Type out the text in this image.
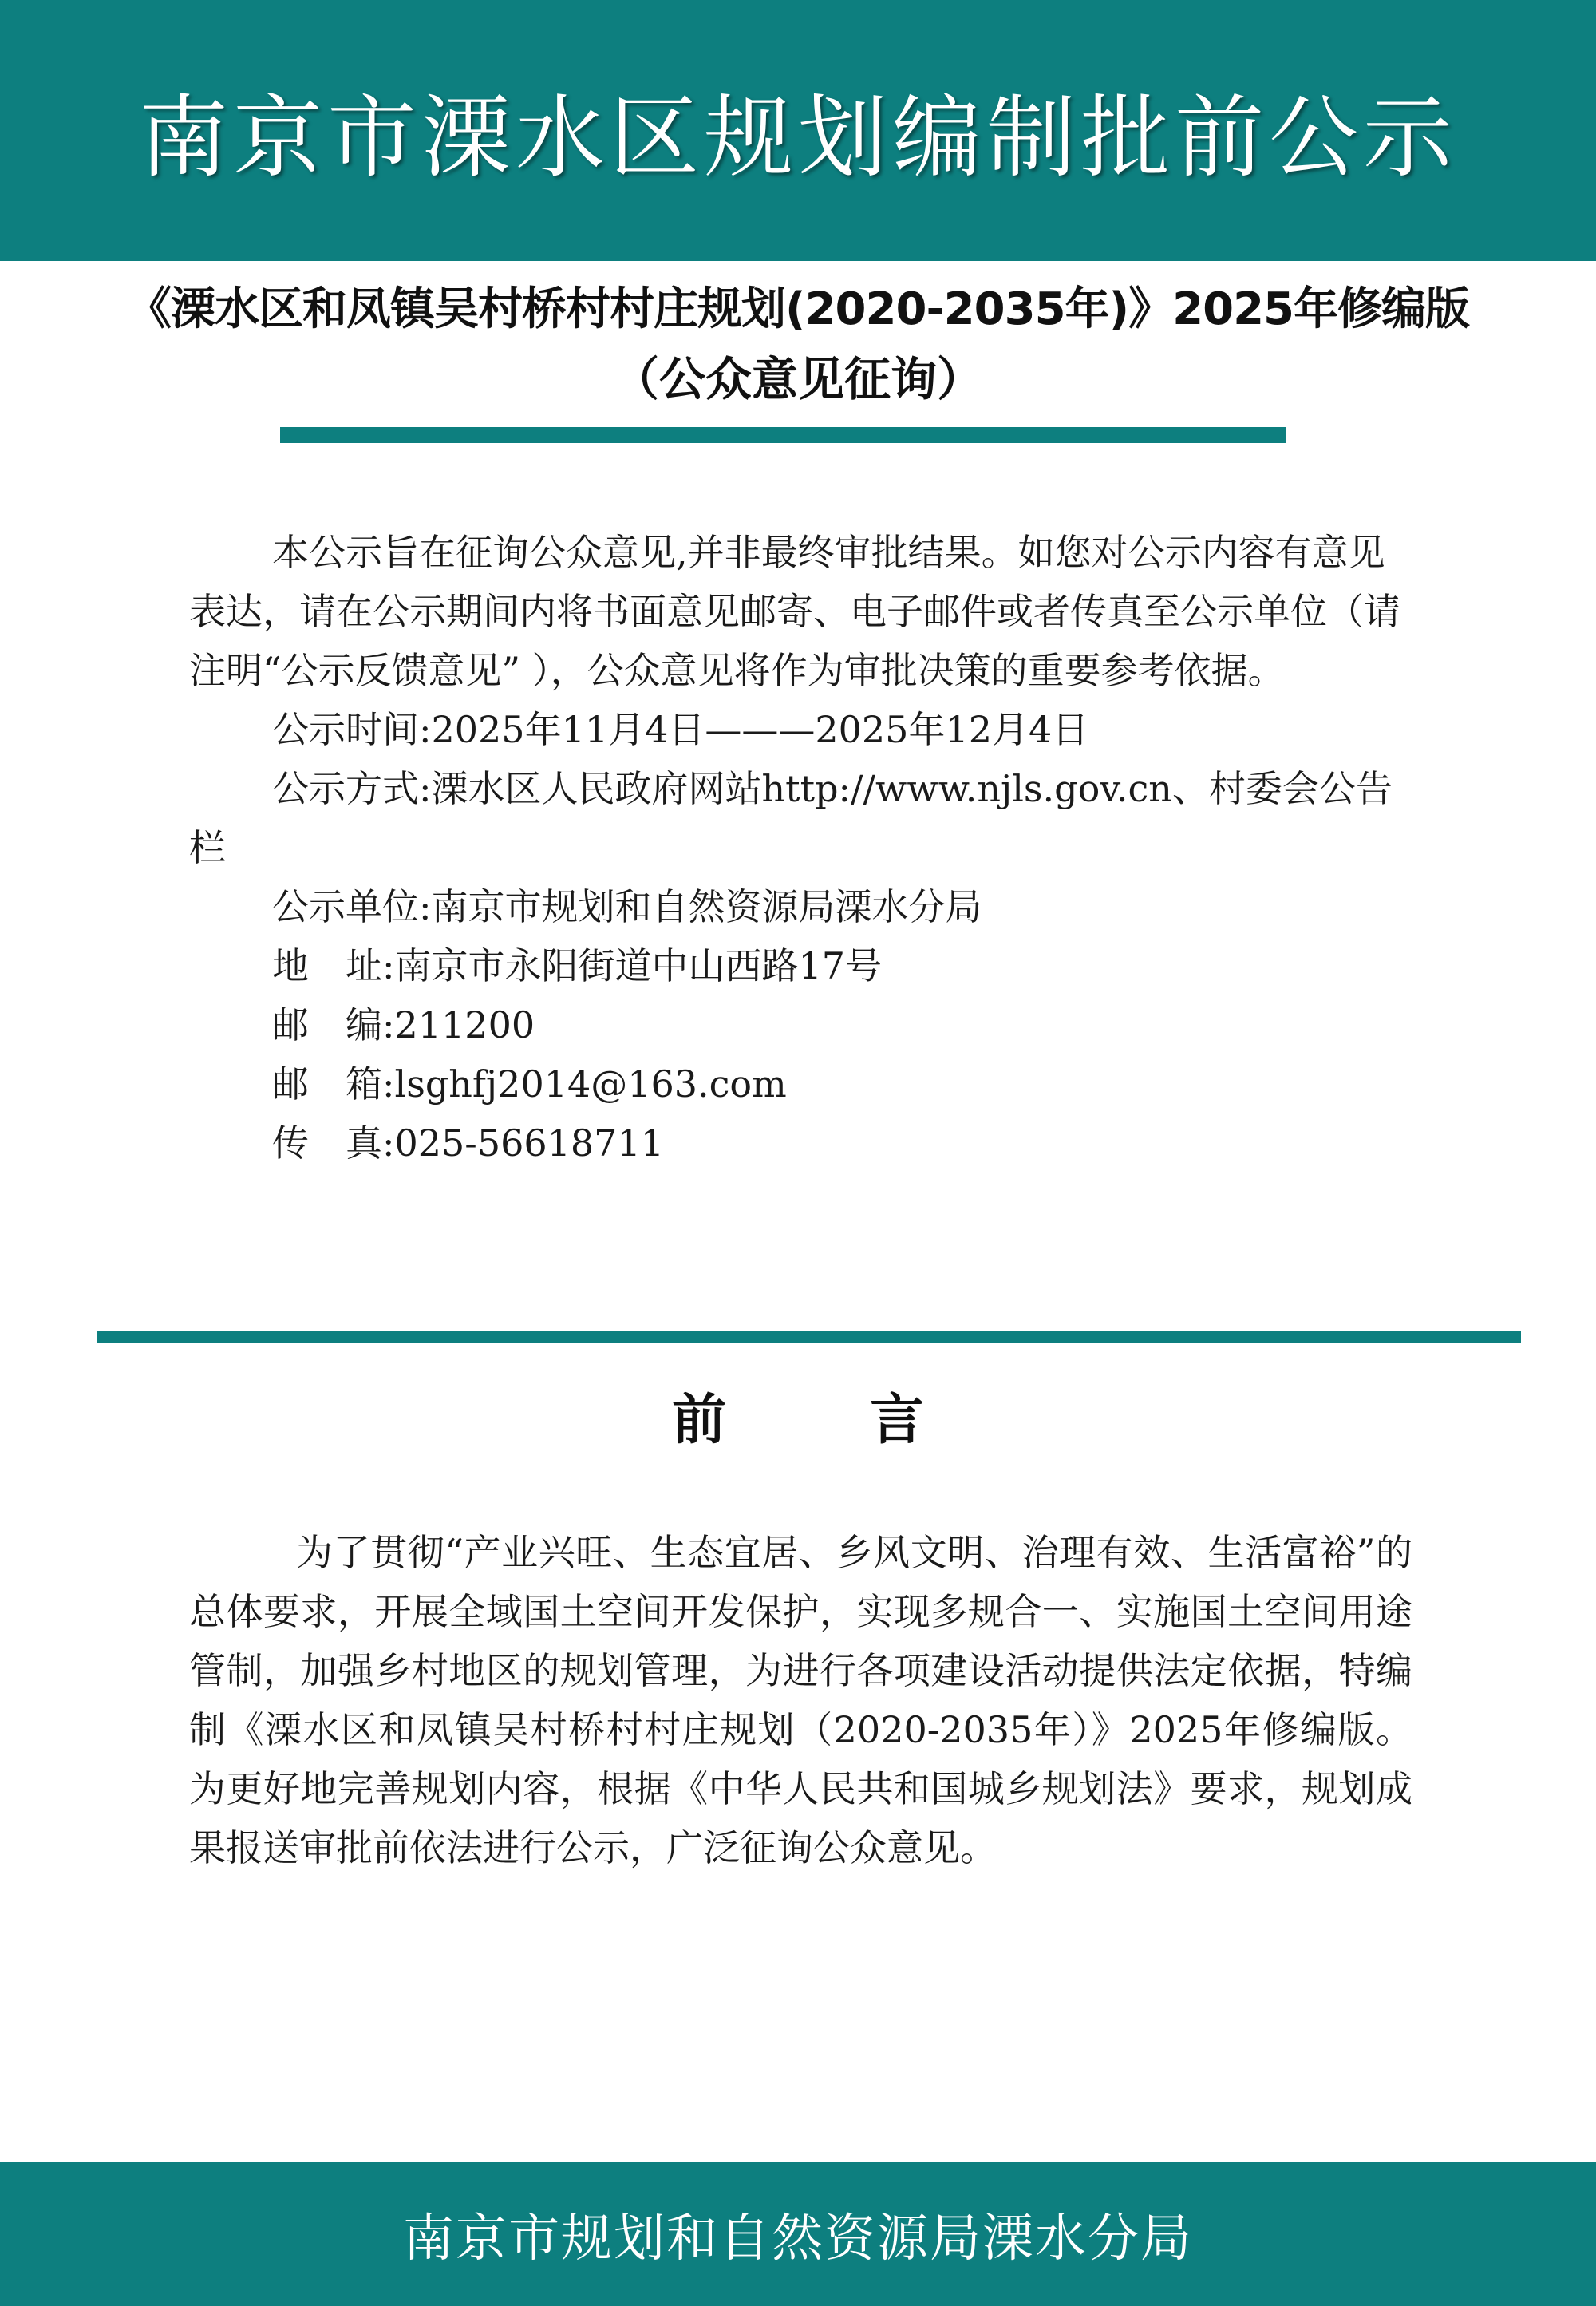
南京市溧水区规划编制批前公示
《溧水区和凤镇吴村桥村村庄规划(2020-2035年)》2025年修编版
（公众意见征询）

本公示旨在征询公众意见,并非最终审批结果。如您对公示内容有意见表达，请在公示期间内将书面意见邮寄、电子邮件或者传真至公示单位（请注明“公示反馈意见” ），公众意见将作为审批决策的重要参考依据。

公示时间:2025年11月4日———2025年12月4日

公示方式:溧水区人民政府网站http://www.njls.gov.cn、村委会公告栏

公示单位:南京市规划和自然资源局溧水分局

地　址:南京市永阳街道中山西路17号

邮　编:211200

邮　箱:lsghfj2014@163.com

传　真:025-56618711

前	言

为了贯彻“产业兴旺、生态宜居、乡风文明、治理有效、生活富裕”的总体要求，开展全域国土空间开发保护，实现多规合一、实施国土空间用途管制，加强乡村地区的规划管理，为进行各项建设活动提供法定依据，特编制《溧水区和凤镇吴村桥村村庄规划（2020-2035年）》2025年修编版。为更好地完善规划内容，根据《中华人民共和国城乡规划法》要求，规划成果报送审批前依法进行公示，广泛征询公众意见。

南京市规划和自然资源局溧水分局
